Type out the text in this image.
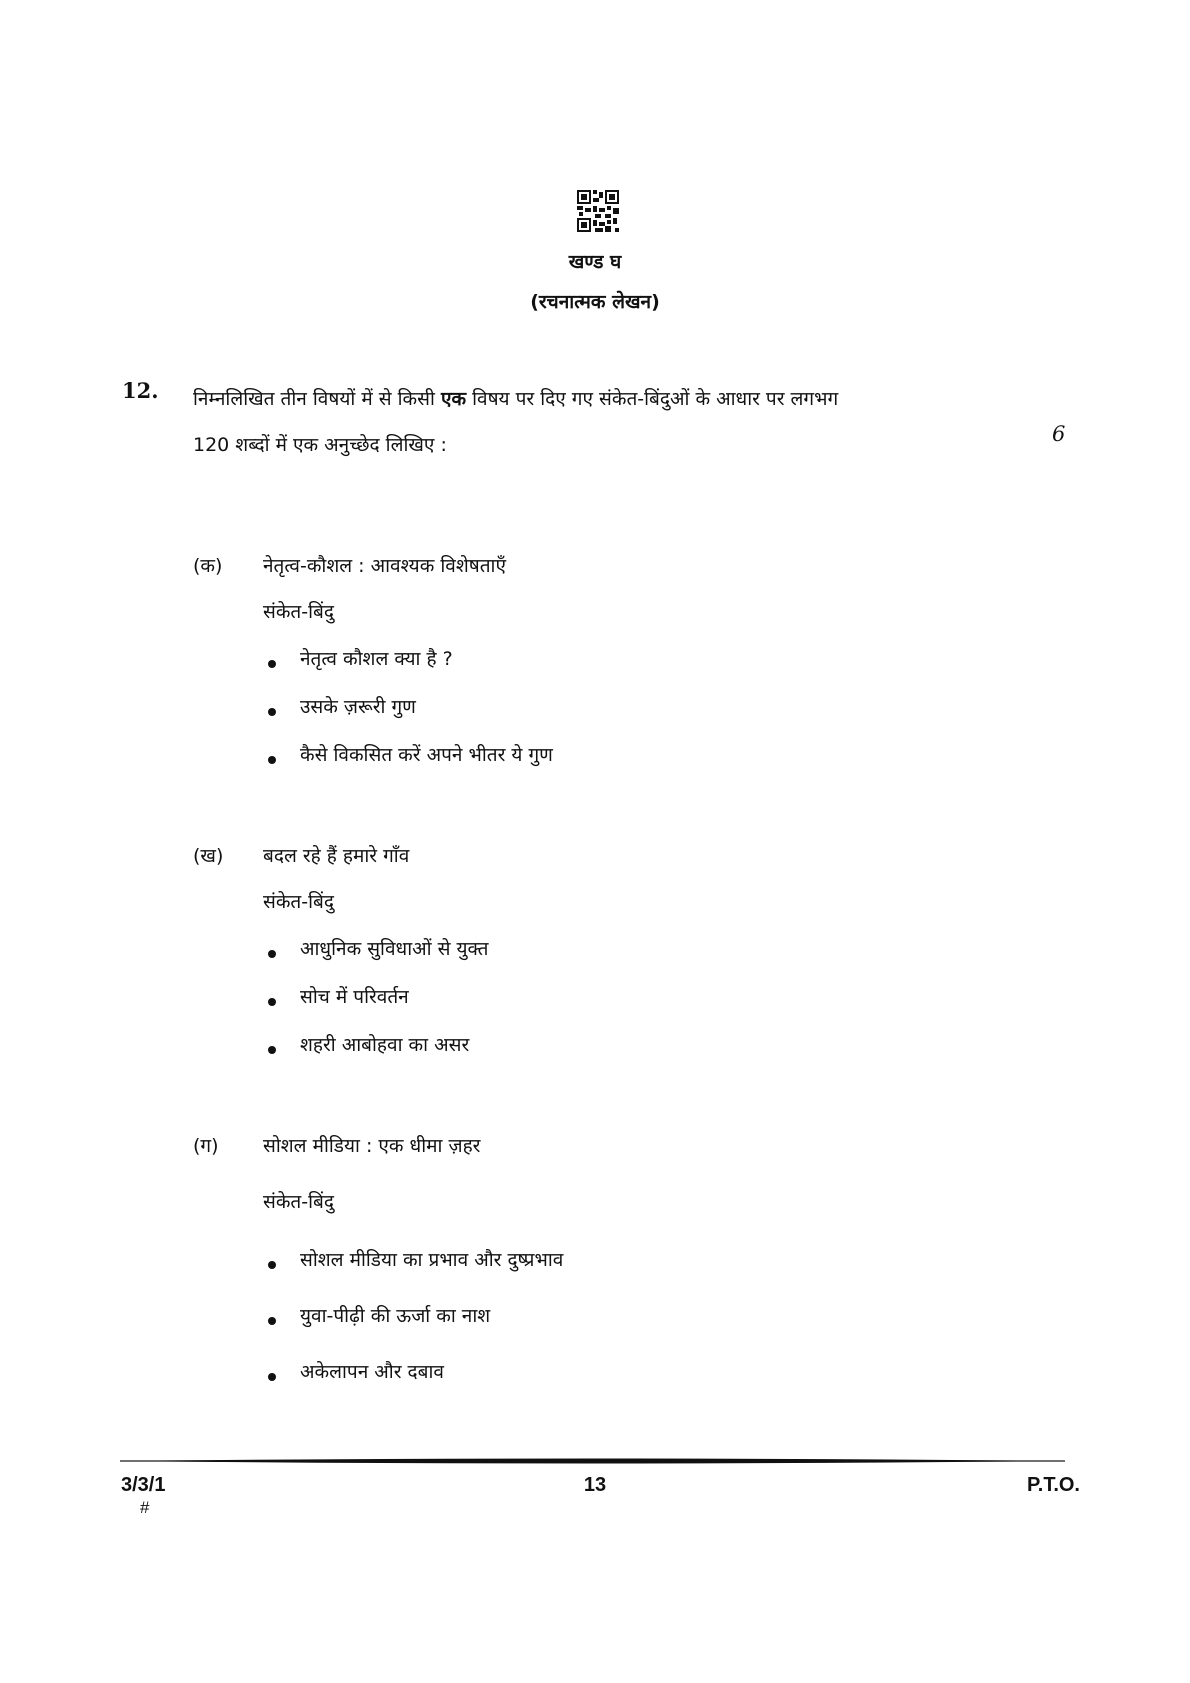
खण्ड घ
(रचनात्मक लेखन)
12. निम्नलिखित तीन विषयों में से किसी एक विषय पर दिए गए संकेत-बिंदुओं के आधार पर लगभग
120 शब्दों में एक अनुच्छेद लिखिए :	6
(क) नेतृत्व-कौशल : आवश्यक विशेषताएँ
संकेत-बिंदु
नेतृत्व कौशल क्या है ?
उसके ज़रूरी गुण
कैसे विकसित करें अपने भीतर ये गुण
(ख) बदल रहे हैं हमारे गाँव
संकेत-बिंदु
आधुनिक सुविधाओं से युक्त
सोच में परिवर्तन
शहरी आबोहवा का असर
(ग) सोशल मीडिया : एक धीमा ज़हर
संकेत-बिंदु
सोशल मीडिया का प्रभाव और दुष्प्रभाव
युवा-पीढ़ी की ऊर्जा का नाश
अकेलापन और दबाव
3/3/1
#
13	P.T.O.
